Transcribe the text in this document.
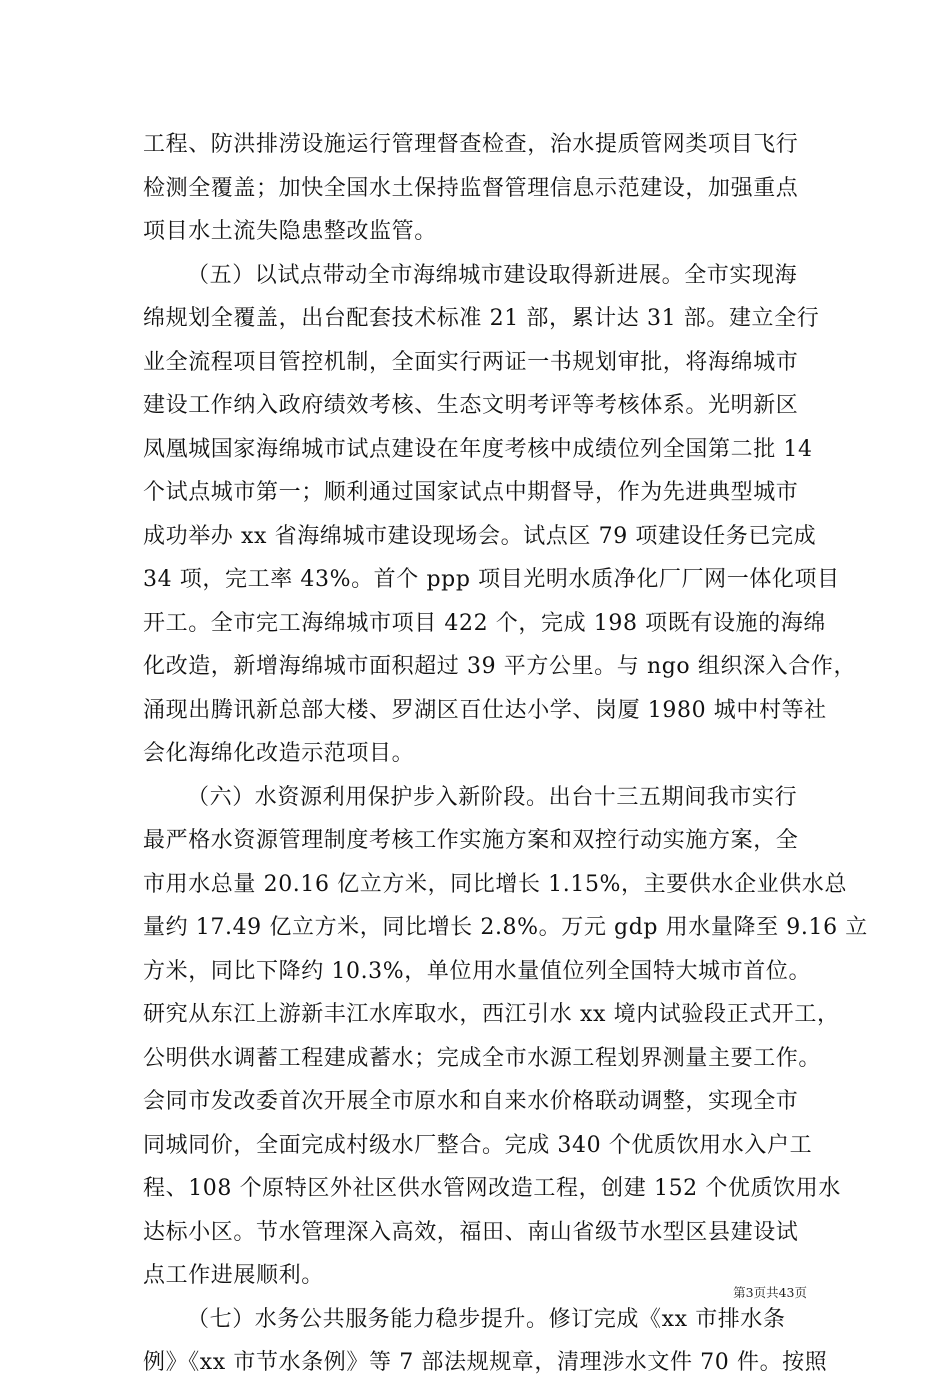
工程、防洪排涝设施运行管理督查检查，治水提质管网类项目飞行
检测全覆盖；加快全国水土保持监督管理信息示范建设，加强重点
项目水土流失隐患整改监管。
（五）以试点带动全市海绵城市建设取得新进展。全市实现海
绵规划全覆盖，出台配套技术标准 21 部，累计达 31 部。建立全行
业全流程项目管控机制，全面实行两证一书规划审批，将海绵城市
建设工作纳入政府绩效考核、生态文明考评等考核体系。光明新区
凤凰城国家海绵城市试点建设在年度考核中成绩位列全国第二批 14
个试点城市第一；顺利通过国家试点中期督导，作为先进典型城市
成功举办 xx 省海绵城市建设现场会。试点区 79 项建设任务已完成
34 项，完工率 43%。首个 ppp 项目光明水质净化厂厂网一体化项目
开工。全市完工海绵城市项目 422 个，完成 198 项既有设施的海绵
化改造，新增海绵城市面积超过 39 平方公里。与 ngo 组织深入合作，
涌现出腾讯新总部大楼、罗湖区百仕达小学、岗厦 1980 城中村等社
会化海绵化改造示范项目。
（六）水资源利用保护步入新阶段。出台十三五期间我市实行
最严格水资源管理制度考核工作实施方案和双控行动实施方案，全
市用水总量 20.16 亿立方米，同比增长 1.15%，主要供水企业供水总
量约 17.49 亿立方米，同比增长 2.8%。万元 gdp 用水量降至 9.16 立
方米，同比下降约 10.3%，单位用水量值位列全国特大城市首位。
研究从东江上游新丰江水库取水，西江引水 xx 境内试验段正式开工，
公明供水调蓄工程建成蓄水；完成全市水源工程划界测量主要工作。
会同市发改委首次开展全市原水和自来水价格联动调整，实现全市
同城同价，全面完成村级水厂整合。完成 340 个优质饮用水入户工
程、108 个原特区外社区供水管网改造工程，创建 152 个优质饮用水
达标小区。节水管理深入高效，福田、南山省级节水型区县建设试
点工作进展顺利。
（七）水务公共服务能力稳步提升。修订完成《xx 市排水条
例》《xx 市节水条例》等 7 部法规规章，清理涉水文件 70 件。按照
第3页共43页
